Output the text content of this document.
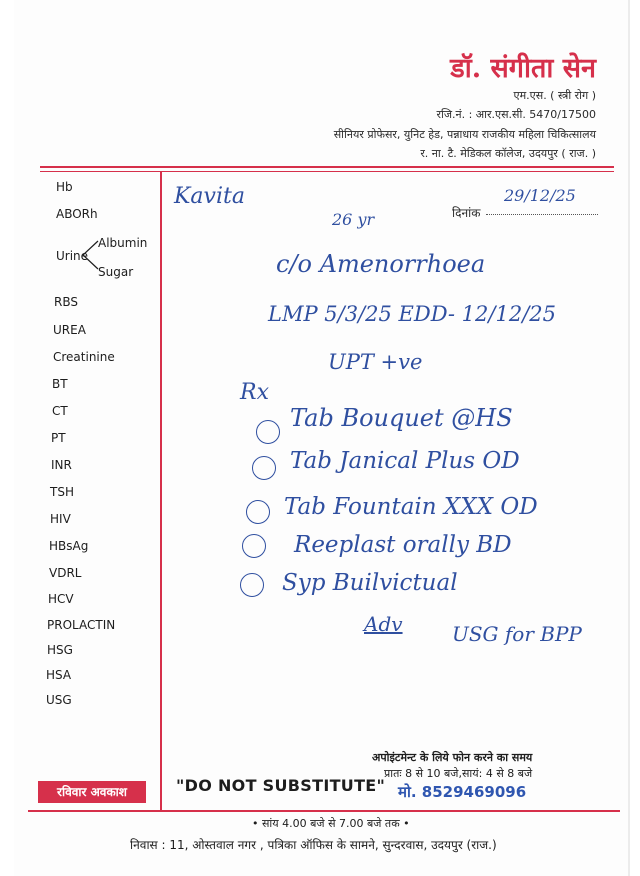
डॉ. संगीता सेन
एम.एस. ( स्त्री रोग )
रजि.नं. : आर.एस.सी. 5470/17500
सीनियर प्रोफेसर, युनिट हेड, पन्नाधाय राजकीय महिला चिकित्सालय
र. ना. टै. मेडिकल कॉलेज, उदयपुर ( राज. )
Hb
ABORh
Urine
Albumin
Sugar
RBS
UREA
Creatinine
BT
CT
PT
INR
TSH
HIV
HBsAg
VDRL
HCV
PROLACTIN
HSG
HSA
USG
दिनांक
Kavita	29/12/25
26 yr
c/o Amenorrhoea
LMP 5/3/25 EDD- 12/12/25
UPT +ve
Rx
Tab Bouquet @HS
Tab Janical Plus OD
Tab Fountain XXX OD
Reeplast orally BD
Syp Builvictual
Adv USG for BPP
रविवार अवकाश	"DO NOT SUBSTITUTE"
अपोइंटमेन्ट के लिये फोन करने का समय
प्रातः 8 से 10 बजे,सायं: 4 से 8 बजे
मो. 8529469096
• सांय 4.00 बजे से 7.00 बजे तक •
निवास : 11, ओस्तवाल नगर , पत्रिका ऑफिस के सामने, सुन्दरवास, उदयपुर (राज.)
